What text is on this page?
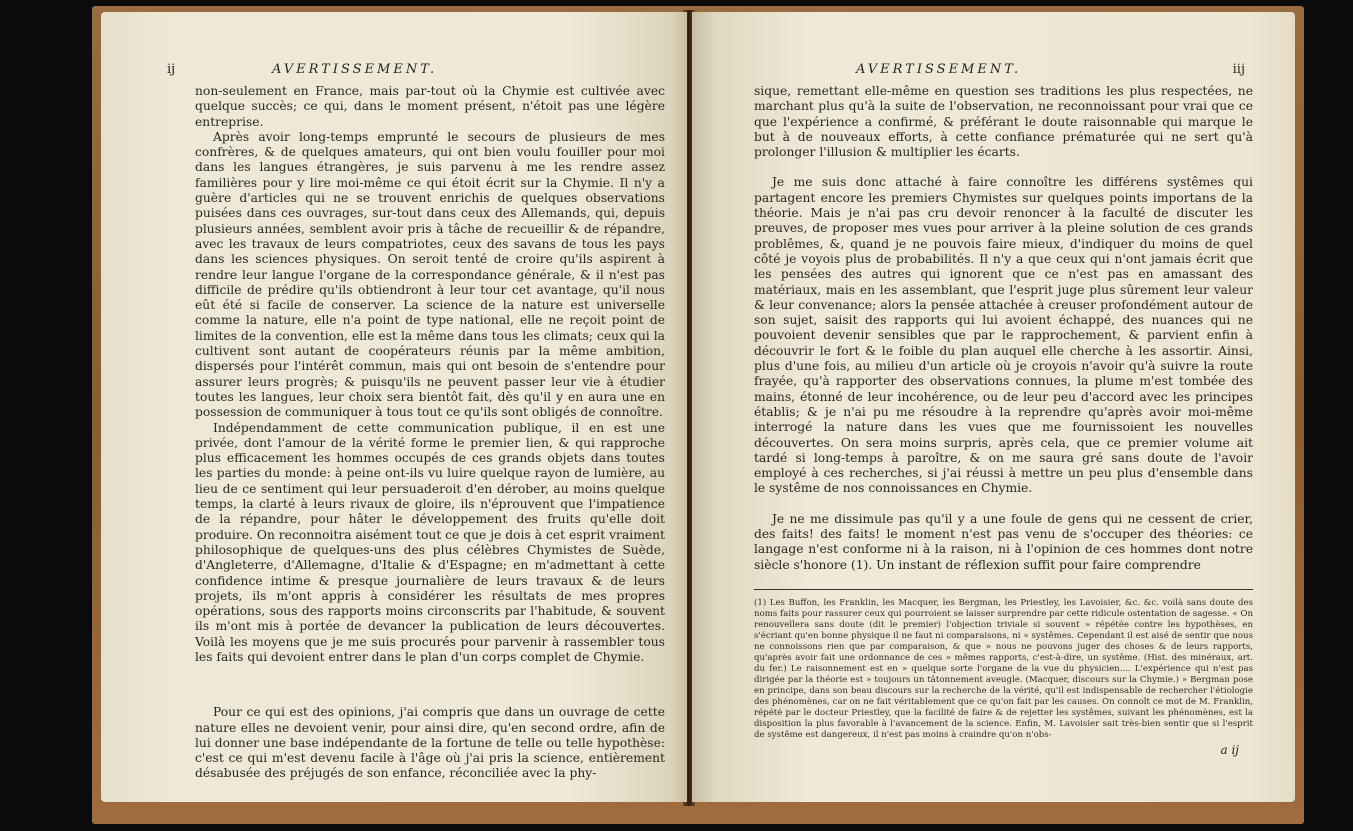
ij	AVERTISSEMENT.

non-seulement en France, mais par-tout où la Chymie est cultivée avec quelque succès; ce qui, dans le moment présent, n'étoit pas une légère entreprise.

Après avoir long-temps emprunté le secours de plusieurs de mes confrères, & de quelques amateurs, qui ont bien voulu fouiller pour moi dans les langues étrangères, je suis parvenu à me les rendre assez familières pour y lire moi-même ce qui étoit écrit sur la Chymie. Il n'y a guère d'articles qui ne se trouvent enrichis de quelques observations puisées dans ces ouvrages, sur-tout dans ceux des Allemands, qui, depuis plusieurs années, semblent avoir pris à tâche de recueillir & de répandre, avec les travaux de leurs compatriotes, ceux des savans de tous les pays dans les sciences physiques. On seroit tenté de croire qu'ils aspirent à rendre leur langue l'organe de la correspondance générale, & il n'est pas difficile de prédire qu'ils obtiendront à leur tour cet avantage, qu'il nous eût été si facile de conserver. La science de la nature est universelle comme la nature, elle n'a point de type national, elle ne reçoit point de limites de la convention, elle est la même dans tous les climats; ceux qui la cultivent sont autant de coopérateurs réunis par la même ambition, dispersés pour l'intérêt commun, mais qui ont besoin de s'entendre pour assurer leurs progrès; & puisqu'ils ne peuvent passer leur vie à étudier toutes les langues, leur choix sera bientôt fait, dès qu'il y en aura une en possession de communiquer à tous tout ce qu'ils sont obligés de connoître.

Indépendamment de cette communication publique, il en est une privée, dont l'amour de la vérité forme le premier lien, & qui rapproche plus efficacement les hommes occupés de ces grands objets dans toutes les parties du monde: à peine ont-ils vu luire quelque rayon de lumière, au lieu de ce sentiment qui leur persuaderoit d'en dérober, au moins quelque temps, la clarté à leurs rivaux de gloire, ils n'éprouvent que l'impatience de la répandre, pour hâter le développement des fruits qu'elle doit produire. On reconnoitra aisément tout ce que je dois à cet esprit vraiment philosophique de quelques-uns des plus célèbres Chymistes de Suède, d'Angleterre, d'Allemagne, d'Italie & d'Espagne; en m'admettant à cette confidence intime & presque journalière de leurs travaux & de leurs projets, ils m'ont appris à considérer les résultats de mes propres opérations, sous des rapports moins circonscrits par l'habitude, & souvent ils m'ont mis à portée de devancer la publication de leurs découvertes. Voilà les moyens que je me suis procurés pour parvenir à rassembler tous les faits qui devoient entrer dans le plan d'un corps complet de Chymie.

Pour ce qui est des opinions, j'ai compris que dans un ouvrage de cette nature elles ne devoient venir, pour ainsi dire, qu'en second ordre, afin de lui donner une base indépendante de la fortune de telle ou telle hypothèse: c'est ce qui m'est devenu facile à l'âge où j'ai pris la science, entièrement désabusée des préjugés de son enfance, réconciliée avec la phy-

AVERTISSEMENT.	iij

sique, remettant elle-même en question ses traditions les plus respectées, ne marchant plus qu'à la suite de l'observation, ne reconnoissant pour vrai que ce que l'expérience a confirmé, & préférant le doute raisonnable qui marque le but à de nouveaux efforts, à cette confiance prématurée qui ne sert qu'à prolonger l'illusion & multiplier les écarts.

Je me suis donc attaché à faire connoître les différens systêmes qui partagent encore les premiers Chymistes sur quelques points importans de la théorie. Mais je n'ai pas cru devoir renoncer à la faculté de discuter les preuves, de proposer mes vues pour arriver à la pleine solution de ces grands problêmes, &, quand je ne pouvois faire mieux, d'indiquer du moins de quel côté je voyois plus de probabilités. Il n'y a que ceux qui n'ont jamais écrit que les pensées des autres qui ignorent que ce n'est pas en amassant des matériaux, mais en les assemblant, que l'esprit juge plus sûrement leur valeur & leur convenance; alors la pensée attachée à creuser profondément autour de son sujet, saisit des rapports qui lui avoient échappé, des nuances qui ne pouvoient devenir sensibles que par le rapprochement, & parvient enfin à découvrir le fort & le foible du plan auquel elle cherche à les assortir. Ainsi, plus d'une fois, au milieu d'un article où je croyois n'avoir qu'à suivre la route frayée, qu'à rapporter des observations connues, la plume m'est tombée des mains, étonné de leur incohérence, ou de leur peu d'accord avec les principes établis; & je n'ai pu me résoudre à la reprendre qu'après avoir moi-même interrogé la nature dans les vues que me fournissoient les nouvelles découvertes. On sera moins surpris, après cela, que ce premier volume ait tardé si long-temps à paroître, & on me saura gré sans doute de l'avoir employé à ces recherches, si j'ai réussi à mettre un peu plus d'ensemble dans le systême de nos connoissances en Chymie.

Je ne me dissimule pas qu'il y a une foule de gens qui ne cessent de crier, des faits! des faits! le moment n'est pas venu de s'occuper des théories: ce langage n'est conforme ni à la raison, ni à l'opinion de ces hommes dont notre siècle s'honore (1). Un instant de réflexion suffit pour faire comprendre

(1) Les Buffon, les Franklin, les Macquer, les Bergman, les Priestley, les Lavoisier, &c. &c. voilà sans doute des noms faits pour rassurer ceux qui pourroient se laisser surprendre par cette ridicule ostentation de sagesse. « On renouvellera sans doute (dit le premier) l'objection triviale si souvent » répétée contre les hypothèses, en s'écriant qu'en bonne physique il ne faut ni comparaisons, ni » systêmes. Cependant il est aisé de sentir que nous ne connoissons rien que par comparaison, & que » nous ne pouvons juger des choses & de leurs rapports, qu'après avoir fait une ordonnance de ces » mêmes rapports, c'est-à-dire, un systême. (Hist. des minéraux, art. du fer.) Le raisonnement est en » quelque sorte l'organe de la vue du physicien.... L'expérience qui n'est pas dirigée par la théorie est » toujours un tâtonnement aveugle. (Macquer, discours sur la Chymie.) » Bergman pose en principe, dans son beau discours sur la recherche de la vérité, qu'il est indispensable de rechercher l'étiologie des phénomènes, car on ne fait véritablement que ce qu'on fait par les causes. On connoît ce mot de M. Franklin, répété par le docteur Priestley, que la facilité de faire & de rejetter les systêmes, suivant les phénomènes, est la disposition la plus favorable à l'avancement de la science. Enfin, M. Lavoisier sait très-bien sentir que si l'esprit de systême est dangereux, il n'est pas moins à craindre qu'on n'obs-
a ij
